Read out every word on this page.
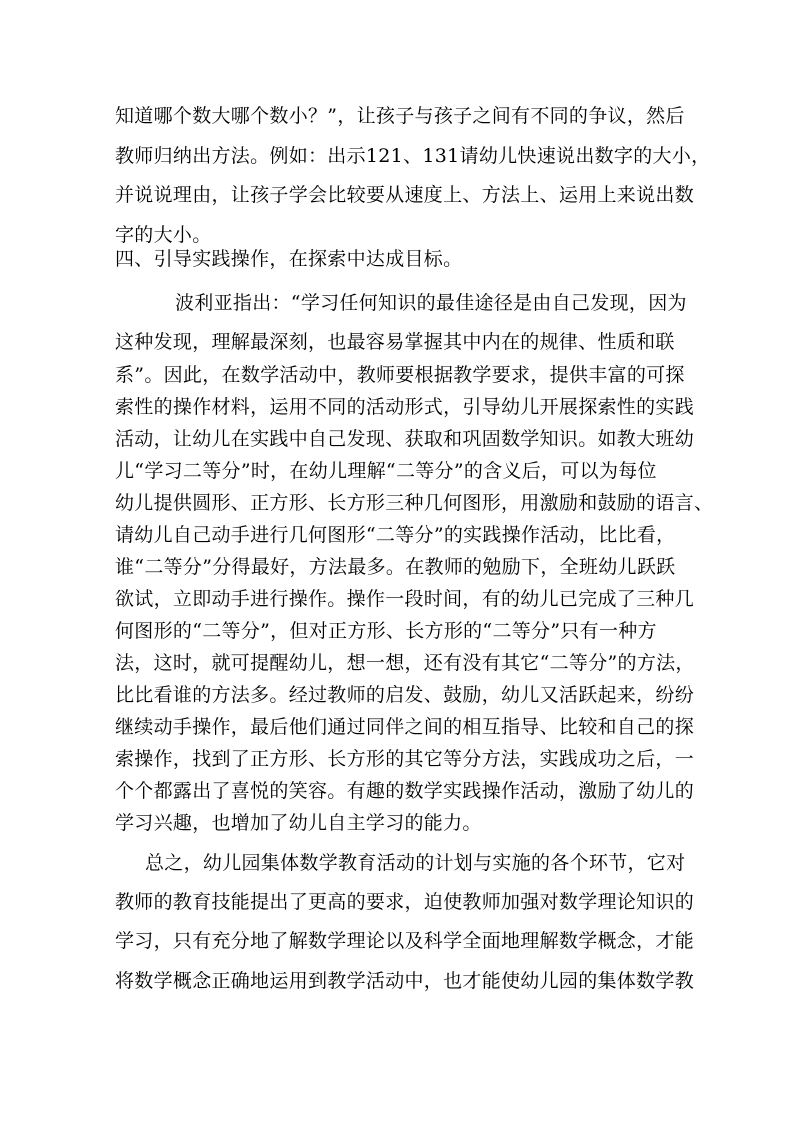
知道哪个数大哪个数小？”，让孩子与孩子之间有不同的争议，然后

教师归纳出方法。例如：出示121、131请幼儿快速说出数字的大小，

并说说理由，让孩子学会比较要从速度上、方法上、运用上来说出数

字的大小。

四、引导实践操作，在探索中达成目标。

波利亚指出：“学习任何知识的最佳途径是由自己发现，因为

这种发现，理解最深刻，也最容易掌握其中内在的规律、性质和联

系”。因此，在数学活动中，教师要根据教学要求，提供丰富的可探

索性的操作材料，运用不同的活动形式，引导幼儿开展探索性的实践

活动，让幼儿在实践中自己发现、获取和巩固数学知识。如教大班幼

儿“学习二等分”时，在幼儿理解“二等分”的含义后，可以为每位

幼儿提供圆形、正方形、长方形三种几何图形，用激励和鼓励的语言、

请幼儿自己动手进行几何图形“二等分”的实践操作活动，比比看，

谁“二等分”分得最好，方法最多。在教师的勉励下，全班幼儿跃跃

欲试，立即动手进行操作。操作一段时间，有的幼儿已完成了三种几

何图形的“二等分”，但对正方形、长方形的“二等分”只有一种方

法，这时，就可提醒幼儿，想一想，还有没有其它“二等分”的方法，

比比看谁的方法多。经过教师的启发、鼓励，幼儿又活跃起来，纷纷

继续动手操作，最后他们通过同伴之间的相互指导、比较和自己的探

索操作，找到了正方形、长方形的其它等分方法，实践成功之后，一

个个都露出了喜悦的笑容。有趣的数学实践操作活动，激励了幼儿的

学习兴趣，也增加了幼儿自主学习的能力。

总之，幼儿园集体数学教育活动的计划与实施的各个环节，它对

教师的教育技能提出了更高的要求，迫使教师加强对数学理论知识的

学习，只有充分地了解数学理论以及科学全面地理解数学概念，才能

将数学概念正确地运用到教学活动中，也才能使幼儿园的集体数学教
